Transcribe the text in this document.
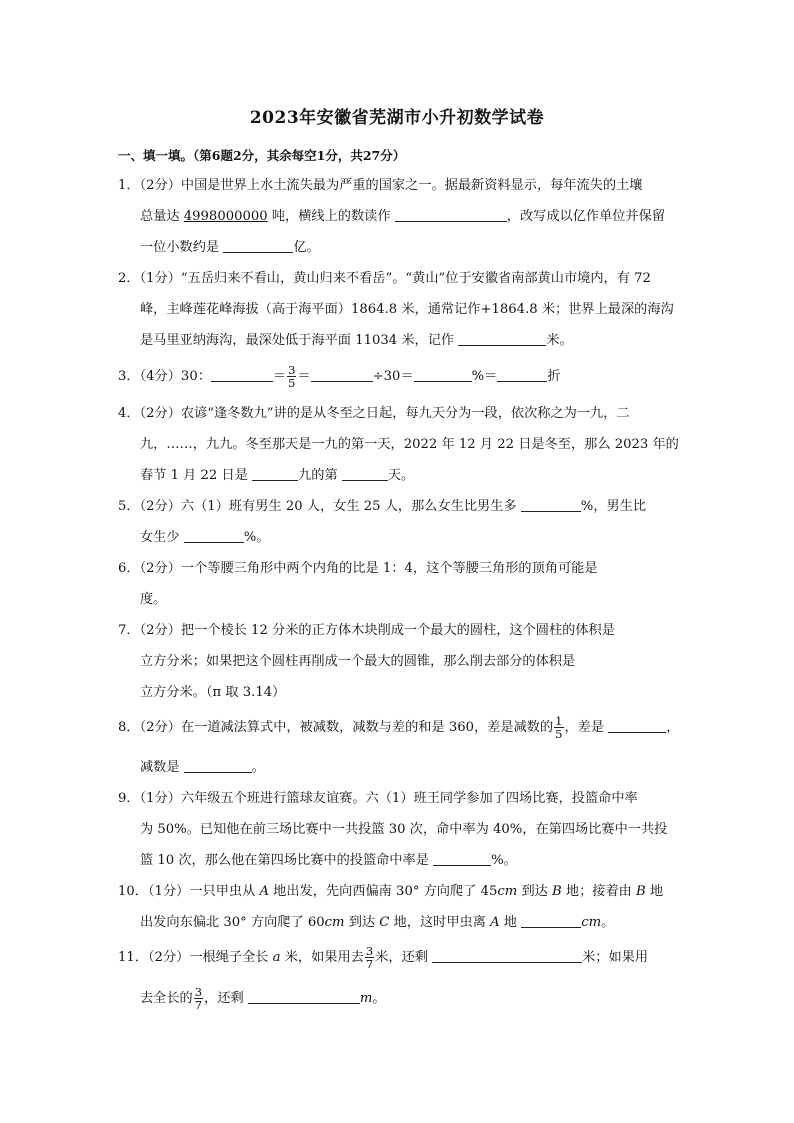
2023年安徽省芜湖市小升初数学试卷
一、填一填。（第6题2分，其余每空1分，共27分）
1．（2分）中国是世界上水土流失最为严重的国家之一。据最新资料显示，每年流失的土壤
总量达 4998000000 吨，横线上的数读作	，改写成以亿作单位并保留
一位小数约是	亿。
2．（1分）“五岳归来不看山，黄山归来不看岳”。“黄山”位于安徽省南部黄山市境内，有 72
峰，主峰莲花峰海拔（高于海平面）1864.8 米，通常记作+1864.8 米；世界上最深的海沟
是马里亚纳海沟，最深处低于海平面 11034 米，记作	米。
3．（4分）30：	＝ $\frac{3}{5}$ ＝	÷30＝	%＝	折
4．（2分）农谚“逢冬数九”讲的是从冬至之日起，每九天分为一段，依次称之为一九，二
九，……，九九。冬至那天是一九的第一天，2022 年 12 月 22 日是冬至，那么 2023 年的
春节 1 月 22 日是	九的第	天。
5．（2分）六（1）班有男生 20 人，女生 25 人，那么女生比男生多	%，男生比
女生少	%。
6．（2分）一个等腰三角形中两个内角的比是 1：4，这个等腰三角形的顶角可能是
度。
7．（2分）把一个棱长 12 分米的正方体木块削成一个最大的圆柱，这个圆柱的体积是
立方分米；如果把这个圆柱再削成一个最大的圆锥，那么削去部分的体积是
立方分米。（π 取 3.14）
8．（2分）在一道减法算式中，被减数，减数与差的和是 360，差是减数的 $\frac{1}{5}$ ，差是	，
减数是	。
9．（1分）六年级五个班进行篮球友谊赛。六（1）班王同学参加了四场比赛，投篮命中率
为 50%。已知他在前三场比赛中一共投篮 30 次，命中率为 40%，在第四场比赛中一共投
篮 10 次，那么他在第四场比赛中的投篮命中率是	%。
10．（1分）一只甲虫从 A 地出发，先向西偏南 30° 方向爬了 45cm 到达 B 地；接着由 B 地
出发向东偏北 30° 方向爬了 60cm 到达 C 地，这时甲虫离 A 地	cm。
11．（2分）一根绳子全长 a 米，如果用去 $\frac{3}{7}$ 米，还剩	米；如果用
去全长的 $\frac{3}{7}$ ，还剩	m。
